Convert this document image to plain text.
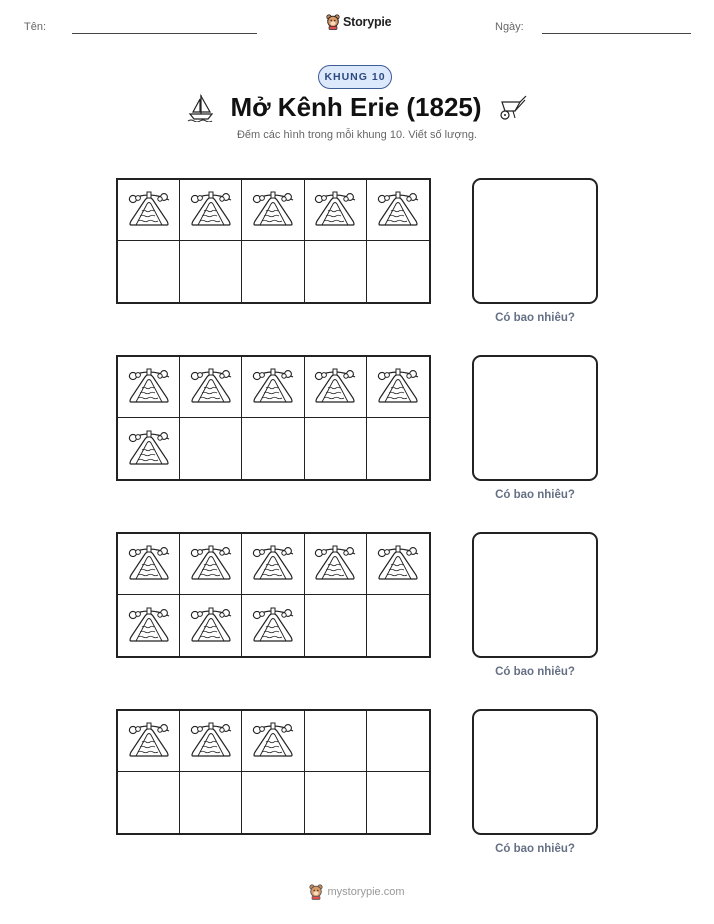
Tên:	Storypie	Ngày:
KHUNG 10
Mở Kênh Erie (1825)
Đếm các hình trong mỗi khung 10. Viết số lượng.
Có bao nhiêu?
Có bao nhiêu?
Có bao nhiêu?
Có bao nhiêu?
mystorypie.com
